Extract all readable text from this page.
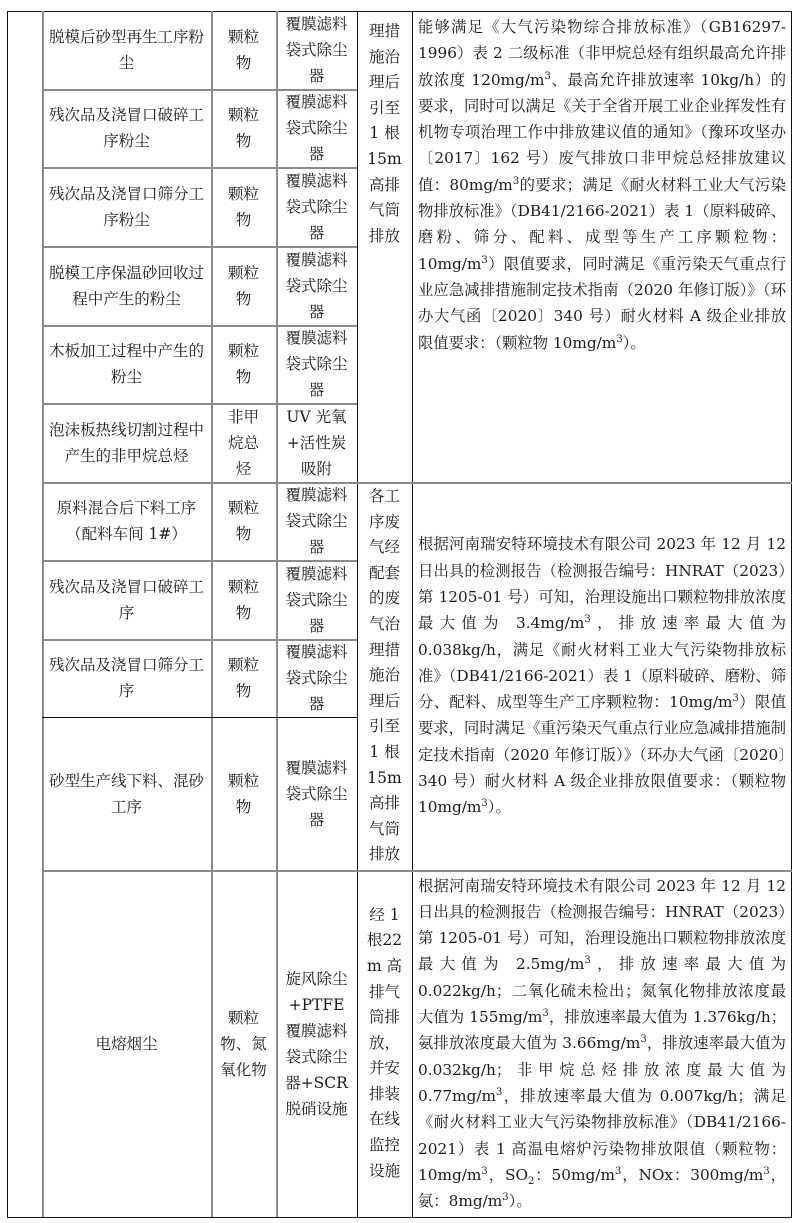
脱模后砂型再生工序粉尘
颗粒物
覆膜滤料袋式除尘器
残次品及浇冒口破碎工序粉尘
颗粒物
覆膜滤料袋式除尘器
残次品及浇冒口筛分工序粉尘
颗粒物
覆膜滤料袋式除尘器
脱模工序保温砂回收过程中产生的粉尘
颗粒物
覆膜滤料袋式除尘器
木板加工过程中产生的粉尘
颗粒物
覆膜滤料袋式除尘器
泡沫板热线切割过程中产生的非甲烷总烃
非甲烷总烃
UV 光氧+活性炭吸附
理措施治理后引至1 根15m高排气筒排放
能够满足《大气污染物综合排放标准》（GB16297-1996）表 2 二级标准（非甲烷总烃有组织最高允许排放浓度 $120mg/m^3$、最高允许排放速率 10kg/h）的要求，同时可以满足《关于全省开展工业企业挥发性有机物专项治理工作中排放建议值的通知》（豫环攻坚办〔2017〕162 号）废气排放口非甲烷总烃排放建议值：$80mg/m^3$的要求；满足《耐火材料工业大气污染物排放标准》（DB41/2166-2021）表 1（原料破碎、磨粉、筛分、配料、成型等生产工序颗粒物：$10mg/m^3$）限值要求，同时满足《重污染天气重点行业应急减排措施制定技术指南（2020 年修订版）》（环办大气函〔2020〕340 号）耐火材料 A 级企业排放限值要求：（颗粒物 $10mg/m^3$）。
原料混合后下料工序（配料车间 1#）
颗粒物
覆膜滤料袋式除尘器
残次品及浇冒口破碎工序
颗粒物
覆膜滤料袋式除尘器
残次品及浇冒口筛分工序
颗粒物
覆膜滤料袋式除尘器
砂型生产线下料、混砂工序
颗粒物
覆膜滤料袋式除尘器
各工序废气经配套的废气治理措施治理后引至1 根15m高排气筒排放
根据河南瑞安特环境技术有限公司 2023 年 12 月 12 日出具的检测报告（检测报告编号：HNRAT（2023）第 1205-01 号）可知，治理设施出口颗粒物排放浓度最大值为 $3.4mg/m^3$，排放速率最大值为 0.038kg/h，满足《耐火材料工业大气污染物排放标准》（DB41/2166-2021）表 1（原料破碎、磨粉、筛分、配料、成型等生产工序颗粒物：$10mg/m^3$）限值要求，同时满足《重污染天气重点行业应急减排措施制定技术指南（2020 年修订版）》（环办大气函〔2020〕340 号）耐火材料 A 级企业排放限值要求：（颗粒物 $10mg/m^3$）。
电熔烟尘
颗粒物、氮氧化物
旋风除尘+PTFE 覆膜滤料袋式除尘器+SCR 脱硝设施
经 1 根22m 高排气筒排放，并安排装在线监控设施
根据河南瑞安特环境技术有限公司 2023 年 12 月 12 日出具的检测报告（检测报告编号：HNRAT（2023）第 1205-01 号）可知，治理设施出口颗粒物排放浓度最大值为 $2.5mg/m^3$，排放速率最大值为 0.022kg/h；二氧化硫未检出；氮氧化物排放浓度最大值为 $155mg/m^3$，排放速率最大值为 1.376kg/h；氨排放浓度最大值为 $3.66mg/m^3$，排放速率最大值为 0.032kg/h；非甲烷总烃排放浓度最大值为 $0.77mg/m^3$，排放速率最大值为 0.007kg/h；满足《耐火材料工业大气污染物排放标准》（DB41/2166-2021）表 1 高温电熔炉污染物排放限值（颗粒物：$10mg/m^3$，$SO_2$：$50mg/m^3$，NOx：$300mg/m^3$，氨：$8mg/m^3$）。
